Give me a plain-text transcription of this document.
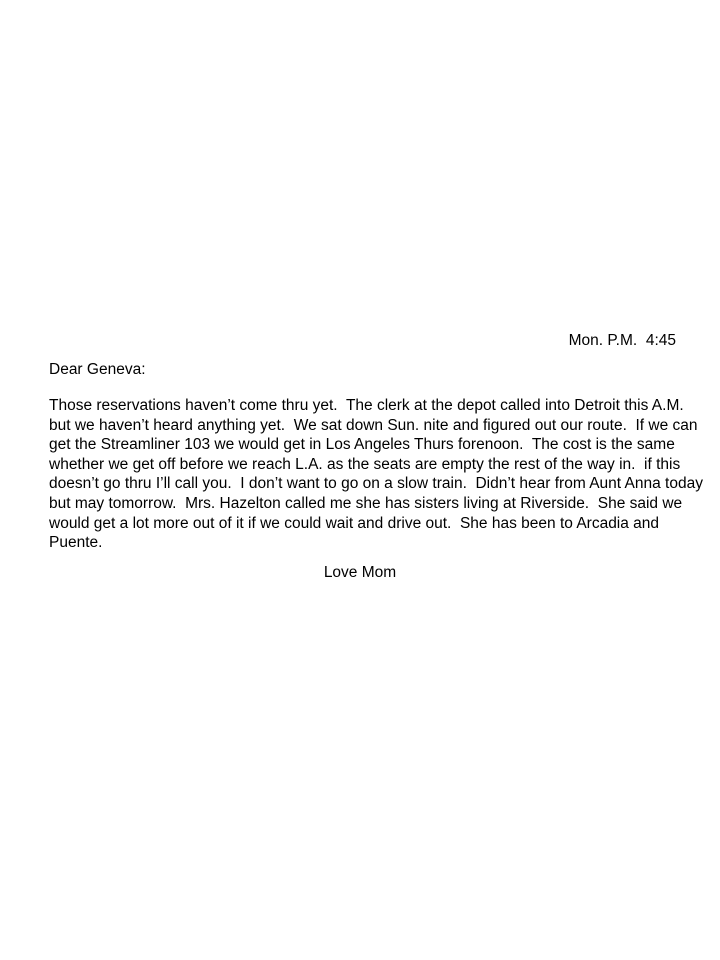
Mon. P.M.  4:45
Dear Geneva:
Those reservations haven’t come thru yet.  The clerk at the depot called into Detroit this A.M.
but we haven’t heard anything yet.  We sat down Sun. nite and figured out our route.  If we can
get the Streamliner 103 we would get in Los Angeles Thurs forenoon.  The cost is the same
whether we get off before we reach L.A. as the seats are empty the rest of the way in.  if this
doesn’t go thru I’ll call you.  I don’t want to go on a slow train.  Didn’t hear from Aunt Anna today
but may tomorrow.  Mrs. Hazelton called me she has sisters living at Riverside.  She said we
would get a lot more out of it if we could wait and drive out.  She has been to Arcadia and
Puente.
Love Mom
